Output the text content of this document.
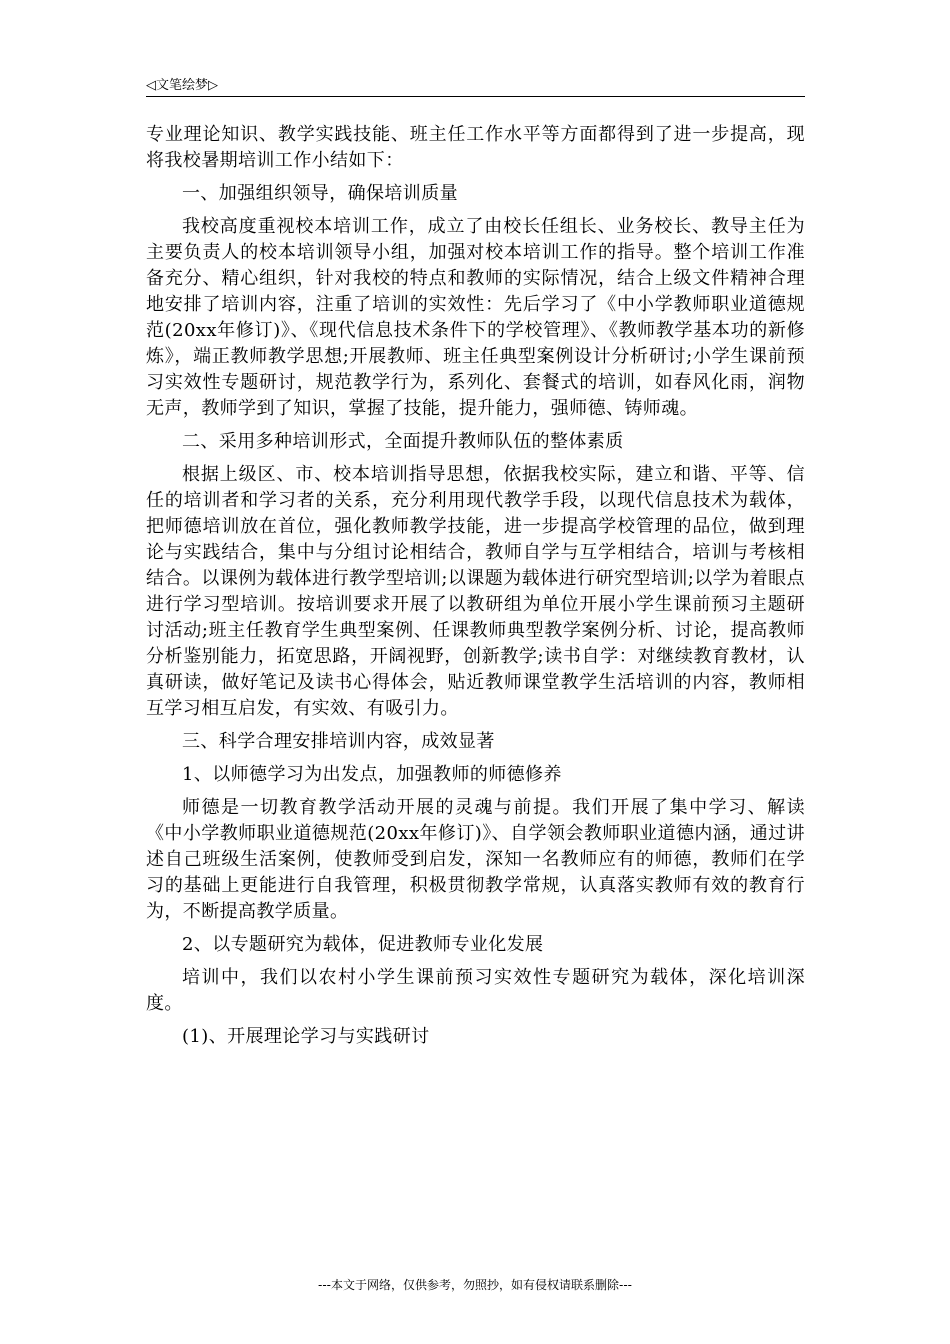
◁文笔绘梦▷

专业理论知识、教学实践技能、班主任工作水平等方面都得到了进一步提高，现将我校暑期培训工作小结如下：

一、加强组织领导，确保培训质量

我校高度重视校本培训工作，成立了由校长任组长、业务校长、教导主任为主要负责人的校本培训领导小组，加强对校本培训工作的指导。整个培训工作准备充分、精心组织，针对我校的特点和教师的实际情况，结合上级文件精神合理地安排了培训内容，注重了培训的实效性：先后学习了《中小学教师职业道德规范(20xx年修订)》、《现代信息技术条件下的学校管理》、《教师教学基本功的新修炼》，端正教师教学思想;开展教师、班主任典型案例设计分析研讨;小学生课前预习实效性专题研讨，规范教学行为，系列化、套餐式的培训，如春风化雨，润物无声，教师学到了知识，掌握了技能，提升能力，强师德、铸师魂。

二、采用多种培训形式，全面提升教师队伍的整体素质

根据上级区、市、校本培训指导思想，依据我校实际，建立和谐、平等、信任的培训者和学习者的关系，充分利用现代教学手段，以现代信息技术为载体，把师德培训放在首位，强化教师教学技能，进一步提高学校管理的品位，做到理论与实践结合，集中与分组讨论相结合，教师自学与互学相结合，培训与考核相结合。以课例为载体进行教学型培训;以课题为载体进行研究型培训;以学为着眼点进行学习型培训。按培训要求开展了以教研组为单位开展小学生课前预习主题研讨活动;班主任教育学生典型案例、任课教师典型教学案例分析、讨论，提高教师分析鉴别能力，拓宽思路，开阔视野，创新教学;读书自学：对继续教育教材，认真研读，做好笔记及读书心得体会，贴近教师课堂教学生活培训的内容，教师相互学习相互启发，有实效、有吸引力。

三、科学合理安排培训内容，成效显著

1、以师德学习为出发点，加强教师的师德修养

师德是一切教育教学活动开展的灵魂与前提。我们开展了集中学习、解读《中小学教师职业道德规范(20xx年修订)》、自学领会教师职业道德内涵，通过讲述自己班级生活案例，使教师受到启发，深知一名教师应有的师德，教师们在学习的基础上更能进行自我管理，积极贯彻教学常规，认真落实教师有效的教育行为，不断提高教学质量。

2、以专题研究为载体，促进教师专业化发展

培训中，我们以农村小学生课前预习实效性专题研究为载体，深化培训深度。

(1)、开展理论学习与实践研讨

---本文于网络，仅供参考，勿照抄，如有侵权请联系删除---
